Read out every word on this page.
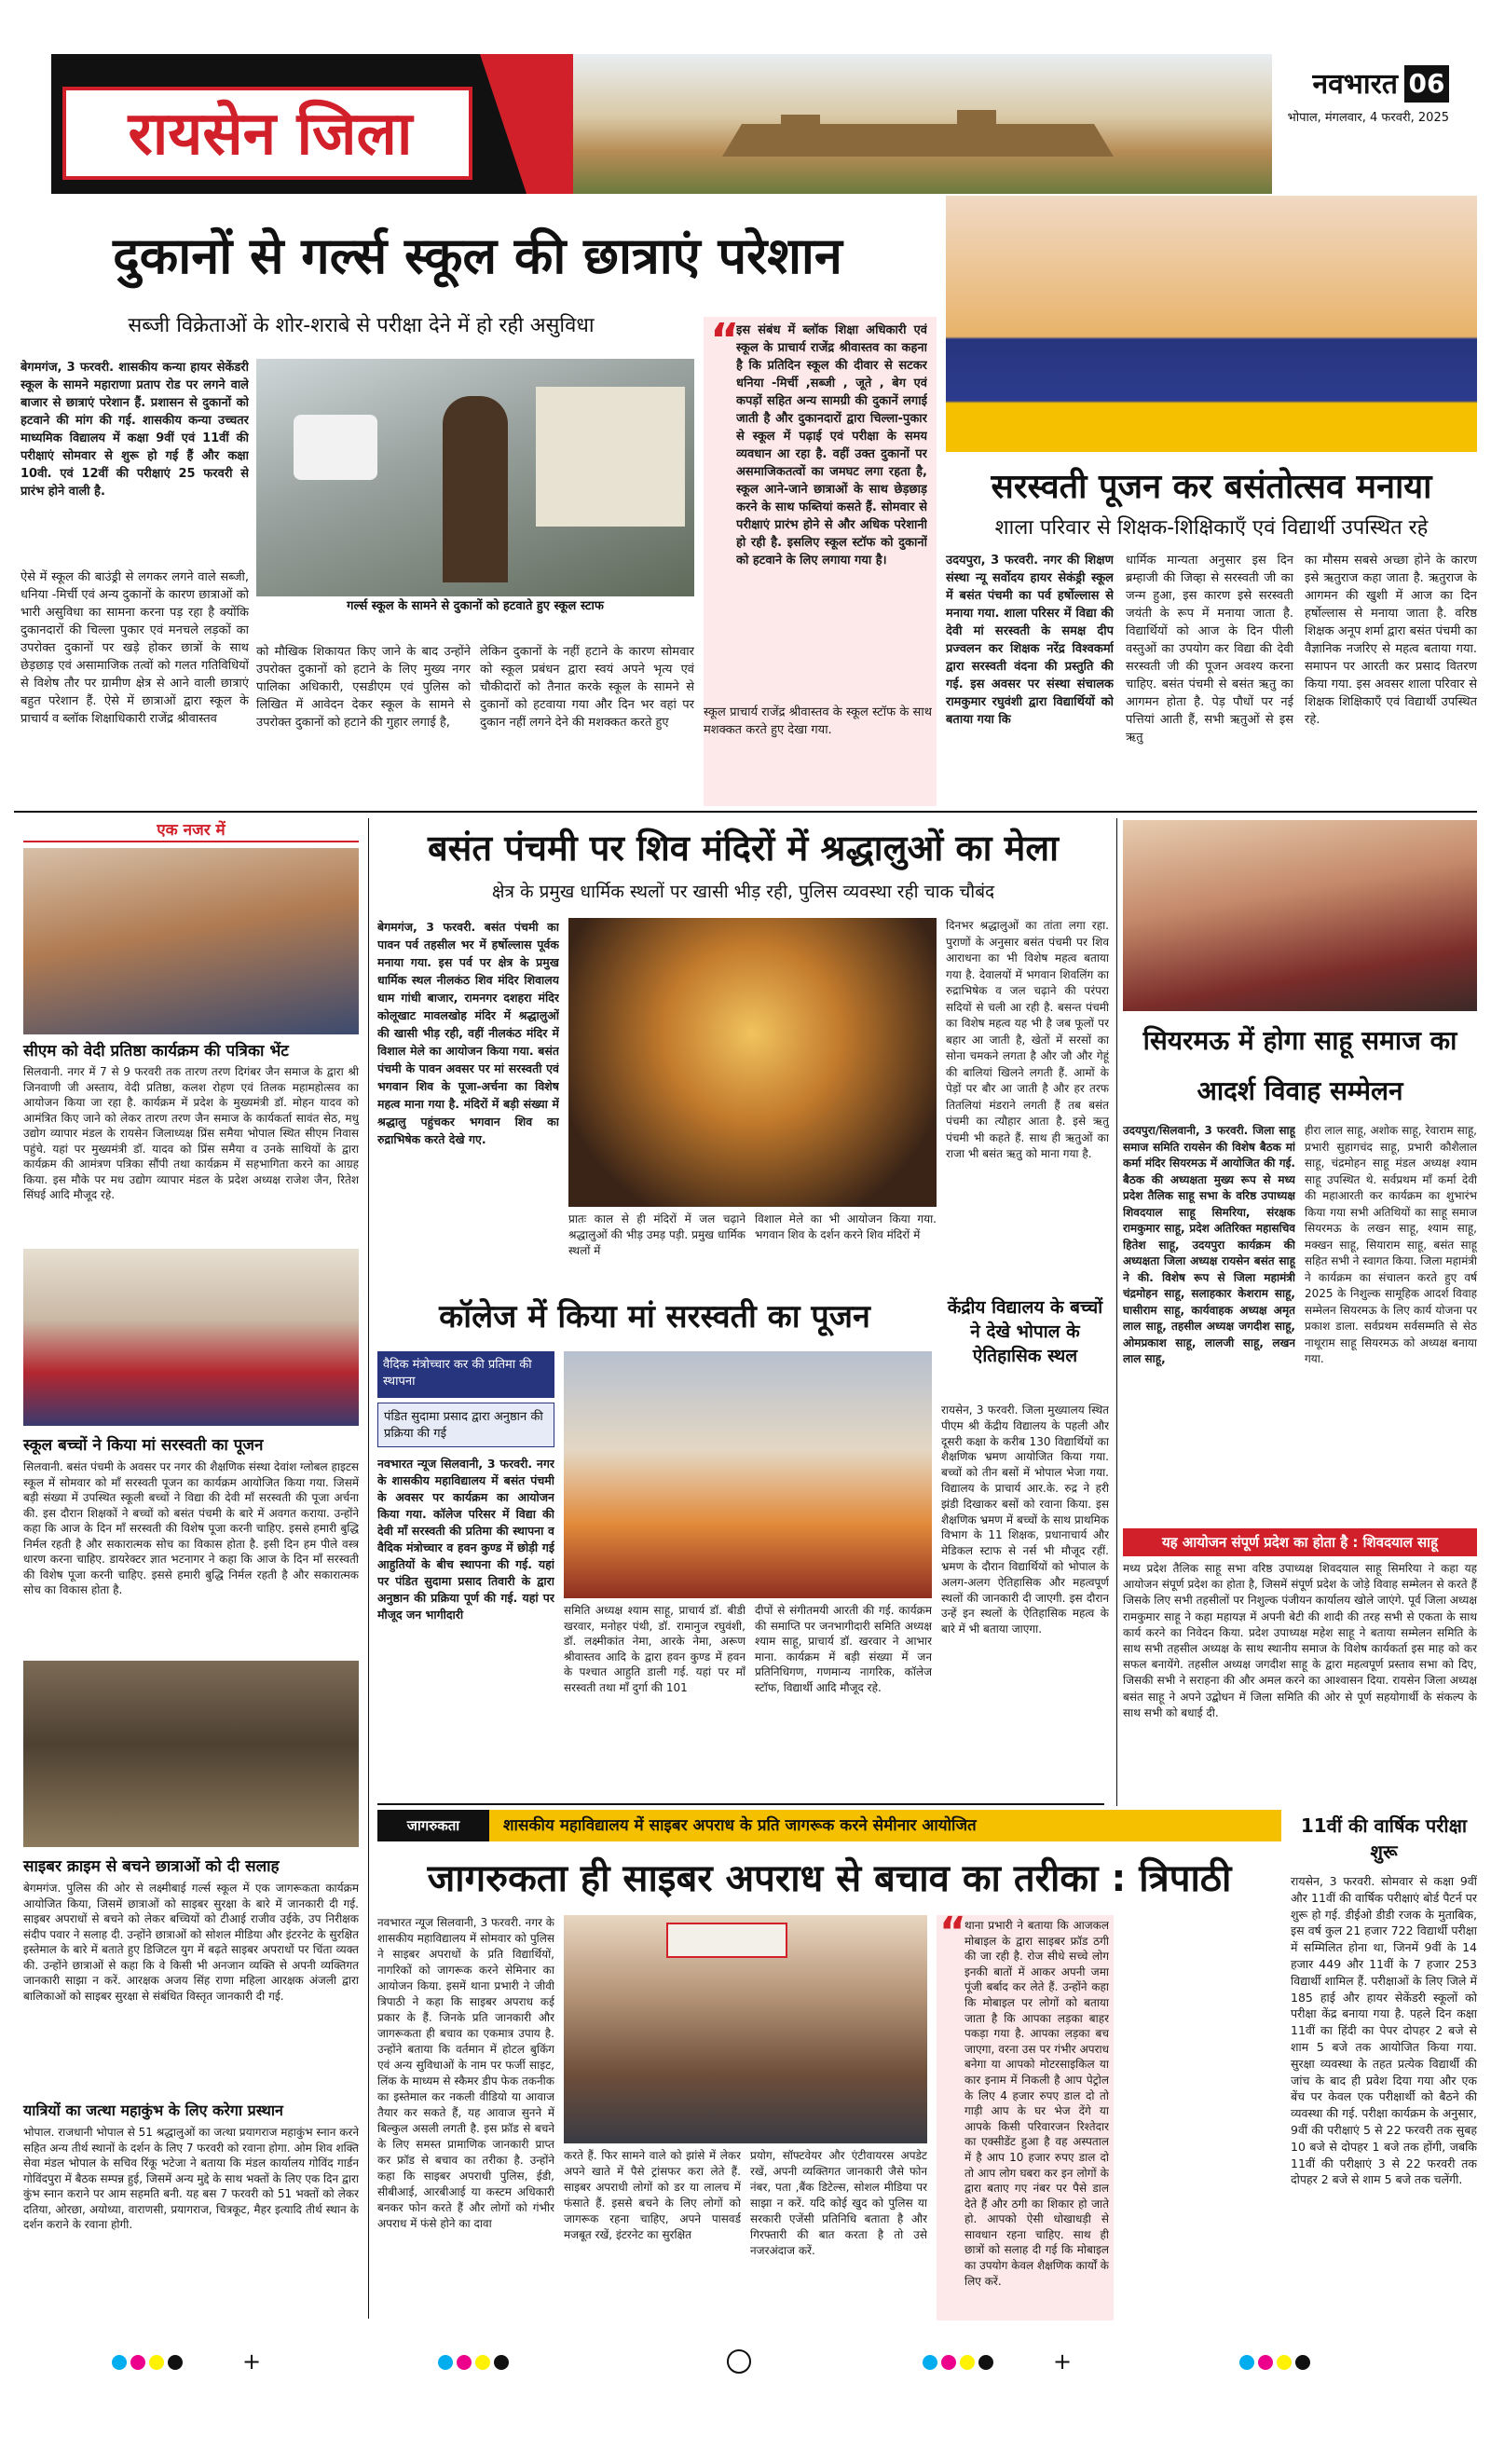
रायसेन जिला
नवभारत 06
भोपाल, मंगलवार, 4 फरवरी, 2025
दुकानों से गर्ल्स स्कूल की छात्राएं परेशान
सब्जी विक्रेताओं के शोर-शराबे से परीक्षा देने में हो रही असुविधा
बेगमगंज, 3 फरवरी. शासकीय कन्या हायर सेकेंडरी स्कूल के सामने महाराणा प्रताप रोड पर लगने वाले बाजार से छात्राएं परेशान हैं. प्रशासन से दुकानों को हटवाने की मांग की गई. शासकीय कन्या उच्चतर माध्यमिक विद्यालय में कक्षा 9वीं एवं 11वीं की परीक्षाएं सोमवार से शुरू हो गई हैं और कक्षा 10वी. एवं 12वीं की परीक्षाएं 25 फरवरी से प्रारंभ होने वाली है.
ऐसे में स्कूल की बाउंड्री से लगकर लगने वाले सब्जी, धनिया -मिर्ची एवं अन्य दुकानों के कारण छात्राओं को भारी असुविधा का सामना करना पड़ रहा है क्योंकि दुकानदारों की चिल्ला पुकार एवं मनचले लड़कों का उपरोक्त दुकानों पर खड़े होकर छात्रों के साथ छेड़छाड़ एवं असामाजिक तत्वों को गलत गतिविधियों से विशेष तौर पर ग्रामीण क्षेत्र से आने वाली छात्राएं बहुत परेशान हैं. ऐसे में छात्राओं द्वारा स्कूल के प्राचार्य व ब्लॉक शिक्षाधिकारी राजेंद्र श्रीवास्तव
गर्ल्स स्कूल के सामने से दुकानों को हटवाते हुए स्कूल स्टाफ
को मौखिक शिकायत किए जाने के बाद उन्होंने उपरोक्त दुकानों को हटाने के लिए मुख्य नगर पालिका अधिकारी, एसडीएम एवं पुलिस को लिखित में आवेदन देकर स्कूल के सामने से उपरोक्त दुकानों को हटाने की गुहार लगाई है,
लेकिन दुकानों के नहीं हटाने के कारण सोमवार को स्कूल प्रबंधन द्वारा स्वयं अपने भृत्य एवं चौकीदारों को तैनात करके स्कूल के सामने से दुकानों को हटवाया गया और दिन भर वहां पर दुकान नहीं लगने देने की मशक्कत करते हुए
“
इस संबंध में ब्लॉक शिक्षा अधिकारी एवं स्कूल के प्राचार्य राजेंद्र श्रीवास्तव का कहना है कि प्रतिदिन स्कूल की दीवार से सटकर धनिया -मिर्ची ,सब्जी , जूते , बेग एवं कपड़ों सहित अन्य सामग्री की दुकानें लगाई जाती है और दुकानदारों द्वारा चिल्ला-पुकार से स्कूल में पढ़ाई एवं परीक्षा के समय व्यवधान आ रहा है. वहीं उक्त दुकानों पर असमाजिकतत्वों का जमघट लगा रहता है, स्कूल आने-जाने छात्राओं के साथ छेड़छाड़ करने के साथ फब्तियां कसते हैं. सोमवार से परीक्षाएं प्रारंभ होने से और अधिक परेशानी हो रही है. इसलिए स्कूल स्टॉफ को दुकानों को हटवाने के लिए लगाया गया है।
स्कूल प्राचार्य राजेंद्र श्रीवास्तव के स्कूल स्टॉफ के साथ मशक्कत करते हुए देखा गया.
सरस्वती पूजन कर बसंतोत्सव मनाया
शाला परिवार से शिक्षक-शिक्षिकाएँ एवं विद्यार्थी उपस्थित रहे
उदयपुरा, 3 फरवरी. नगर की शिक्षण संस्था न्यू सर्वोदय हायर सेकंड्री स्कूल में बसंत पंचमी का पर्व हर्षोल्लास से मनाया गया. शाला परिसर में विद्या की देवी मां सरस्वती के समक्ष दीप प्रज्वलन कर शिक्षक नरेंद्र विश्वकर्मा द्वारा सरस्वती वंदना की प्रस्तुति की गई. इस अवसर पर संस्था संचालक रामकुमार रघुवंशी द्वारा विद्यार्थियों को बताया गया कि
धार्मिक मान्यता अनुसार इस दिन ब्रम्हाजी की जिव्हा से सरस्वती जी का जन्म हुआ, इस कारण इसे सरस्वती जयंती के रूप में मनाया जाता है. विद्यार्थियों को आज के दिन पीली वस्तुओं का उपयोग कर विद्या की देवी सरस्वती जी की पूजन अवश्य करना चाहिए. बसंत पंचमी से बसंत ऋतु का आगमन होता है. पेड़ पौधों पर नई पत्तियां आती हैं, सभी ऋतुओं से इस ऋतु
का मौसम सबसे अच्छा होने के कारण इसे ऋतुराज कहा जाता है. ऋतुराज के आगमन की खुशी में आज का दिन हर्षोल्लास से मनाया जाता है. वरिष्ठ शिक्षक अनूप शर्मा द्वारा बसंत पंचमी का वैज्ञानिक नजरिए से महत्व बताया गया. समापन पर आरती कर प्रसाद वितरण किया गया. इस अवसर शाला परिवार से शिक्षक शिक्षिकाएँ एवं विद्यार्थी उपस्थित रहे.
एक नजर में
सीएम को वेदी प्रतिष्ठा कार्यक्रम की पत्रिका भेंट
सिलवानी. नगर में 7 से 9 फरवरी तक तारण तरण दिगंबर जैन समाज के द्वारा श्री जिनवाणी जी अस्ताय, वेदी प्रतिष्ठा, कलश रोहण एवं तिलक महामहोत्सव का आयोजन किया जा रहा है. कार्यक्रम में प्रदेश के मुख्यमंत्री डॉ. मोहन यादव को आमंत्रित किए जाने को लेकर तारण तरण जैन समाज के कार्यकर्ता सावंत सेठ, मधु उद्योग व्यापार मंडल के रायसेन जिलाध्यक्ष प्रिंस समैया भोपाल स्थित सीएम निवास पहुंचे. यहां पर मुख्यमंत्री डॉ. यादव को प्रिंस समैया व उनके साथियों के द्वारा कार्यक्रम की आमंत्रण पत्रिका सौंपी तथा कार्यक्रम में सहभागिता करने का आग्रह किया. इस मौके पर मध उद्योग व्यापार मंडल के प्रदेश अध्यक्ष राजेश जैन, रितेश सिंघई आदि मौजूद रहे.
स्कूल बच्चों ने किया मां सरस्वती का पूजन
सिलवानी. बसंत पंचमी के अवसर पर नगर की शैक्षणिक संस्था देवांश ग्लोबल हाइटस स्कूल में सोमवार को माँ सरस्वती पूजन का कार्यक्रम आयोजित किया गया. जिसमें बड़ी संख्या में उपस्थित स्कूली बच्चों ने विद्या की देवी माँ सरस्वती की पूजा अर्चना की. इस दौरान शिक्षकों ने बच्चों को बसंत पंचमी के बारे में अवगत कराया. उन्होंने कहा कि आज के दिन माँ सरस्वती की विशेष पूजा करनी चाहिए. इससे हमारी बुद्धि निर्मल रहती है और सकारात्मक सोच का विकास होता है. इसी दिन हम पीले वस्त्र धारण करना चाहिए. डायरेक्टर ज्ञात भटनागर ने कहा कि आज के दिन माँ सरस्वती की विशेष पूजा करनी चाहिए. इससे हमारी बुद्धि निर्मल रहती है और सकारात्मक सोच का विकास होता है.
साइबर क्राइम से बचने छात्राओं को दी सलाह
बेगमगंज. पुलिस की ओर से लक्ष्मीबाई गर्ल्स स्कूल में एक जागरूकता कार्यक्रम आयोजित किया, जिसमें छात्राओं को साइबर सुरक्षा के बारे में जानकारी दी गई. साइबर अपराधों से बचने को लेकर बच्चियों को टीआई राजीव उईके, उप निरीक्षक संदीप पवार ने सलाह दी. उन्होंने छात्राओं को सोशल मीडिया और इंटरनेट के सुरक्षित इस्तेमाल के बारे में बताते हुए डिजिटल युग में बढ़ते साइबर अपराधों पर चिंता व्यक्त की. उन्होंने छात्राओं से कहा कि वे किसी भी अनजान व्यक्ति से अपनी व्यक्तिगत जानकारी साझा न करें. आरक्षक अजय सिंह राणा महिला आरक्षक अंजली द्वारा बालिकाओं को साइबर सुरक्षा से संबंधित विस्तृत जानकारी दी गई.
यात्रियों का जत्था महाकुंभ के लिए करेगा प्रस्थान
भोपाल. राजधानी भोपाल से 51 श्रद्धालुओं का जत्था प्रयागराज महाकुंभ स्नान करने सहित अन्य तीर्थ स्थानों के दर्शन के लिए 7 फरवरी को रवाना होगा. ओम शिव शक्ति सेवा मंडल भोपाल के सचिव रिंकू भटेजा ने बताया कि मंडल कार्यालय गोविंद गार्डन गोविंदपुरा में बैठक सम्पन्न हुई, जिसमें अन्य मुद्दे के साथ भक्तों के लिए एक दिन द्वारा कुंभ स्नान कराने पर आम सहमति बनी. यह बस 7 फरवरी को 51 भक्तों को लेकर दतिया, ओरछा, अयोध्या, वाराणसी, प्रयागराज, चित्रकूट, मैहर इत्यादि तीर्थ स्थान के दर्शन कराने के रवाना होगी.
बसंत पंचमी पर शिव मंदिरों में श्रद्धालुओं का मेला
क्षेत्र के प्रमुख धार्मिक स्थलों पर खासी भीड़ रही, पुलिस व्यवस्था रही चाक चौबंद
बेगमगंज, 3 फरवरी. बसंत पंचमी का पावन पर्व तहसील भर में हर्षोल्लास पूर्वक मनाया गया. इस पर्व पर क्षेत्र के प्रमुख धार्मिक स्थल नीलकंठ शिव मंदिर शिवालय धाम गांधी बाजार, रामनगर दशहरा मंदिर कोलूखाट मावलखोह मंदिर में श्रद्धालुओं की खासी भीड़ रही, वहीं नीलकंठ मंदिर में विशाल मेले का आयोजन किया गया. बसंत पंचमी के पावन अवसर पर मां सरस्वती एवं भगवान शिव के पूजा-अर्चना का विशेष महत्व माना गया है. मंदिरों में बड़ी संख्या में श्रद्धालु पहुंचकर भगवान शिव का रुद्राभिषेक करते देखे गए.
प्रातः काल से ही मंदिरों में जल चढ़ाने श्रद्धालुओं की भीड़ उमड़ पड़ी. प्रमुख धार्मिक स्थलों में
विशाल मेले का भी आयोजन किया गया. भगवान शिव के दर्शन करने शिव मंदिरों में
दिनभर श्रद्धालुओं का तांता लगा रहा. पुराणों के अनुसार बसंत पंचमी पर शिव आराधना का भी विशेष महत्व बताया गया है. देवालयों में भगवान शिवलिंग का रुद्राभिषेक व जल चढ़ाने की परंपरा सदियों से चली आ रही है. बसन्त पंचमी का विशेष महत्व यह भी है जब फूलों पर बहार आ जाती है, खेतों में सरसों का सोना चमकने लगता है और जौ और गेहूं की बालियां खिलने लगती हैं. आमों के पेड़ों पर बौर आ जाती है और हर तरफ तितलियां मंडराने लगती हैं तब बसंत पंचमी का त्यौहार आता है. इसे ऋतु पंचमी भी कहते हैं. साथ ही ऋतुओं का राजा भी बसंत ऋतु को माना गया है.
कॉलेज में किया मां सरस्वती का पूजन
वैदिक मंत्रोच्चार कर की प्रतिमा की स्थापना
पंडित सुदामा प्रसाद द्वारा अनुष्ठान की प्रक्रिया की गई
नवभारत न्यूज सिलवानी, 3 फरवरी. नगर के शासकीय महाविद्यालय में बसंत पंचमी के अवसर पर कार्यक्रम का आयोजन किया गया. कॉलेज परिसर में विद्या की देवी माँ सरस्वती की प्रतिमा की स्थापना व वैदिक मंत्रोच्चार व हवन कुण्ड में छोड़ी गई आहुतियों के बीच स्थापना की गई. यहां पर पंडित सुदामा प्रसाद तिवारी के द्वारा अनुष्ठान की प्रक्रिया पूर्ण की गई. यहां पर मौजूद जन भागीदारी	समिति अध्यक्ष श्याम साहू, प्राचार्य डॉ. बीडी खरवार, मनोहर पंथी, डॉ. रामानुज रघुवंशी, डॉ. लक्ष्मीकांत नेमा, आरके नेमा, अरूण श्रीवास्तव आदि के द्वारा हवन कुण्ड में हवन के पश्चात आहुति डाली गई. यहां पर माँ सरस्वती तथा माँ दुर्गा की 101
दीपों से संगीतमयी आरती की गई. कार्यक्रम की समाप्ति पर जनभागीदारी समिति अध्यक्ष श्याम साहू, प्राचार्य डॉ. खरवार ने आभार माना. कार्यक्रम में बड़ी संख्या में जन प्रतिनिधिगण, गणमान्य नागरिक, कॉलेज स्टॉफ, विद्यार्थी आदि मौजूद रहे.
केंद्रीय विद्यालय के बच्चों ने देखे भोपाल के ऐतिहासिक स्थल
रायसेन, 3 फरवरी. जिला मुख्यालय स्थित पीएम श्री केंद्रीय विद्यालय के पहली और दूसरी कक्षा के करीब 130 विद्यार्थियों का शैक्षणिक भ्रमण आयोजित किया गया. बच्चों को तीन बसों में भोपाल भेजा गया. विद्यालय के प्राचार्य आर.के. रुद्र ने हरी झंडी दिखाकर बसों को रवाना किया. इस शैक्षणिक भ्रमण में बच्चों के साथ प्राथमिक विभाग के 11 शिक्षक, प्रधानाचार्य और मेडिकल स्टाफ से नर्स भी मौजूद रहीं. भ्रमण के दौरान विद्यार्थियों को भोपाल के अलग-अलग ऐतिहासिक और महत्वपूर्ण स्थलों की जानकारी दी जाएगी. इस दौरान उन्हें इन स्थलों के ऐतिहासिक महत्व के बारे में भी बताया जाएगा.
सियरमऊ में होगा साहू समाज का आदर्श विवाह सम्मेलन
उदयपुरा/सिलवानी, 3 फरवरी. जिला साहू समाज समिति रायसेन की विशेष बैठक मां कर्मा मंदिर सियरमऊ में आयोजित की गई. बैठक की अध्यक्षता मुख्य रूप से मध्य प्रदेश तैलिक साहू सभा के वरिष्ठ उपाध्यक्ष शिवदयाल साहू सिमरिया, संरक्षक रामकुमार साहू, प्रदेश अतिरिक्त महासचिव हितेश साहू, उदयपुरा कार्यक्रम की अध्यक्षता जिला अध्यक्ष रायसेन बसंत साहू ने की. विशेष रूप से जिला महामंत्री चंद्रमोहन साहू, सलाहकार केशराम साहू, घासीराम साहू, कार्यवाहक अध्यक्ष अमृत लाल साहू, तहसील अध्यक्ष जगदीश साहू, ओमप्रकाश साहू, लालजी साहू, लखन लाल साहू,
हीरा लाल साहू, अशोक साहू, रेवाराम साहू, प्रभारी सुहागचंद साहू, प्रभारी कौशैलाल साहू, चंद्रमोहन साहू मंडल अध्यक्ष श्याम साहू उपस्थित थे. सर्वप्रथम माँ कर्मा देवी की महाआरती कर कार्यक्रम का शुभारंभ किया गया सभी अतिथियों का साहू समाज सियरमऊ के लखन साहू, श्याम साहू, मक्खन साहू, सियाराम साहू, बसंत साहू सहित सभी ने स्वागत किया. जिला महामंत्री ने कार्यक्रम का संचालन करते हुए वर्ष 2025 के निशुल्क सामूहिक आदर्श विवाह सम्मेलन सियरमऊ के लिए कार्य योजना पर प्रकाश डाला. सर्वप्रथम सर्वसम्मति से सेठ नाथूराम साहू सियरमऊ को अध्यक्ष बनाया गया.
यह आयोजन संपूर्ण प्रदेश का होता है : शिवदयाल साहू
मध्य प्रदेश तैलिक साहू सभा वरिष्ठ उपाध्यक्ष शिवदयाल साहू सिमरिया ने कहा यह आयोजन संपूर्ण प्रदेश का होता है, जिसमें संपूर्ण प्रदेश के जोड़े विवाह सम्मेलन से करते हैं जिसके लिए सभी तहसीलों पर निशुल्क पंजीयन कार्यालय खोले जाएंगे. पूर्व जिला अध्यक्ष रामकुमार साहू ने कहा महायज्ञ में अपनी बेटी की शादी की तरह सभी से एकता के साथ कार्य करने का निवेदन किया. प्रदेश उपाध्यक्ष महेश साहू ने बताया सम्मेलन समिति के साथ सभी तहसील अध्यक्ष के साथ स्थानीय समाज के विशेष कार्यकर्ता इस माह को कर सफल बनायेंगे. तहसील अध्यक्ष जगदीश साहू के द्वारा महत्वपूर्ण प्रस्ताव सभा को दिए, जिसकी सभी ने सराहना की और अमल करने का आश्वासन दिया. रायसेन जिला अध्यक्ष बसंत साहू ने अपने उद्बोधन में जिला समिति की ओर से पूर्ण सहयोगार्थी के संकल्प के साथ सभी को बधाई दी.
जागरुकता	शासकीय महाविद्यालय में साइबर अपराध के प्रति जागरूक करने सेमीनार आयोजित
जागरुकता ही साइबर अपराध से बचाव का तरीका : त्रिपाठी
नवभारत न्यूज सिलवानी, 3 फरवरी. नगर के शासकीय महाविद्यालय में सोमवार को पुलिस ने साइबर अपराधों के प्रति विद्यार्थियों, नागरिकों को जागरूक करने सेमिनार का आयोजन किया. इसमें थाना प्रभारी ने जीवी त्रिपाठी ने कहा कि साइबर अपराध कई प्रकार के हैं. जिनके प्रति जानकारी और जागरूकता ही बचाव का एकमात्र उपाय है. उन्होंने बताया कि वर्तमान में होटल बुकिंग एवं अन्य सुविधाओं के नाम पर फर्जी साइट, लिंक के माध्यम से स्कैमर डीप फेक तकनीक का इस्तेमाल कर नकली वीडियो या आवाज तैयार कर सकते हैं, यह आवाज सुनने में बिल्कुल असली लगती है. इस फ्रॉड से बचने के लिए समस्त प्रामाणिक जानकारी प्राप्त कर फ्रॉड से बचाव का तरीका है. उन्होंने कहा कि साइबर अपराधी पुलिस, ईडी, सीबीआई, आरबीआई या कस्टम अधिकारी बनकर फोन करते हैं और लोगों को गंभीर अपराध में फंसे होने का दावा
करते हैं. फिर सामने वाले को झांसे में लेकर अपने खाते में पैसे ट्रांसफर करा लेते हैं. साइबर अपराधी लोगों को डर या लालच में फंसाते हैं. इससे बचने के लिए लोगों को जागरूक रहना चाहिए, अपने पासवर्ड मजबूत रखें, इंटरनेट का सुरक्षित
प्रयोग, सॉफ्टवेयर और एंटीवायरस अपडेट रखें, अपनी व्यक्तिगत जानकारी जैसे फोन नंबर, पता ,बैंक डिटेल्स, सोशल मीडिया पर साझा न करें. यदि कोई खुद को पुलिस या सरकारी एजेंसी प्रतिनिधि बताता है और गिरफ्तारी की बात करता है तो उसे नजरअंदाज करें.
“
थाना प्रभारी ने बताया कि आजकल मोबाइल के द्वारा साइबर फ्रॉड ठगी की जा रही है. रोज सीधे सच्चे लोग इनकी बातों में आकर अपनी जमा पूंजी बर्बाद कर लेते हैं. उन्होंने कहा कि मोबाइल पर लोगों को बताया जाता है कि आपका लड़का बाहर पकड़ा गया है. आपका लड़का बच जाएगा, वरना उस पर गंभीर अपराध बनेगा या आपको मोटरसाइकिल या कार इनाम में निकली है आप पेट्रोल के लिए 4 हजार रुपए डाल दो तो गाड़ी आप के घर भेज देंगे या आपके किसी परिवारजन रिश्तेदार का एक्सीडेंट हुआ है वह अस्पताल में है आप 10 हजार रुपए डाल दो तो आप लोग घबरा कर इन लोगों के द्वारा बताए गए नंबर पर पैसे डाल देते हैं और ठगी का शिकार हो जाते हो. आपको ऐसी धोखाधड़ी से सावधान रहना चाहिए. साथ ही छात्रों को सलाह दी गई कि मोबाइल का उपयोग केवल शैक्षणिक कार्यों के लिए करें.
11वीं की वार्षिक परीक्षा शुरू
रायसेन, 3 फरवरी. सोमवार से कक्षा 9वीं और 11वीं की वार्षिक परीक्षाएं बोर्ड पैटर्न पर शुरू हो गई. डीईओ डीडी रजक के मुताबिक, इस वर्ष कुल 21 हजार 722 विद्यार्थी परीक्षा में सम्मिलित होना था, जिनमें 9वीं के 14 हजार 449 और 11वीं के 7 हजार 253 विद्यार्थी शामिल हैं. परीक्षाओं के लिए जिले में 185 हाई और हायर सेकेंडरी स्कूलों को परीक्षा केंद्र बनाया गया है. पहले दिन कक्षा 11वीं का हिंदी का पेपर दोपहर 2 बजे से शाम 5 बजे तक आयोजित किया गया. सुरक्षा व्यवस्था के तहत प्रत्येक विद्यार्थी की जांच के बाद ही प्रवेश दिया गया और एक बेंच पर केवल एक परीक्षार्थी को बैठने की व्यवस्था की गई. परीक्षा कार्यक्रम के अनुसार, 9वीं की परीक्षाएं 5 से 22 फरवरी तक सुबह 10 बजे से दोपहर 1 बजे तक होंगी, जबकि 11वीं की परीक्षाएं 3 से 22 फरवरी तक दोपहर 2 बजे से शाम 5 बजे तक चलेंगी.
+	+
